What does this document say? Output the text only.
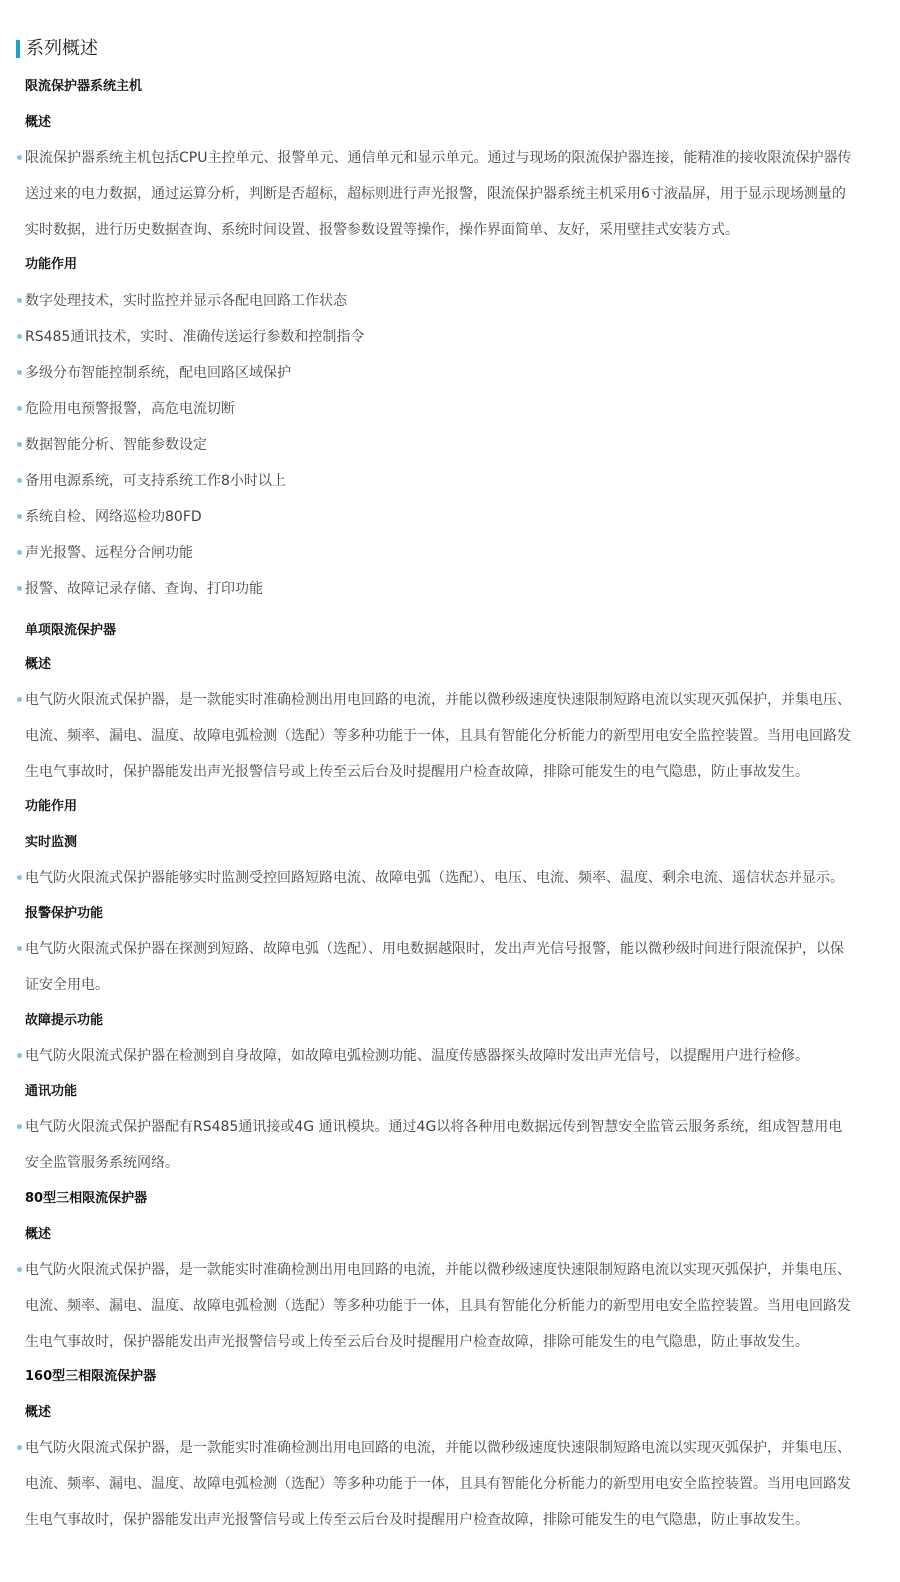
系列概述
限流保护器系统主机
概述
限流保护器系统主机包括CPU主控单元、报警单元、通信单元和显示单元。通过与现场的限流保护器连接，能精准的接收限流保护器传送过来的电力数据，通过运算分析，判断是否超标，超标则进行声光报警，限流保护器系统主机采用6寸液晶屏，用于显示现场测量的实时数据，进行历史数据查询、系统时间设置、报警参数设置等操作，操作界面简单、友好，采用壁挂式安装方式。
功能作用
数字处理技术，实时监控并显示各配电回路工作状态
RS485通讯技术，实时、准确传送运行参数和控制指令
多级分布智能控制系统，配电回路区域保护
危险用电预警报警，高危电流切断
数据智能分析、智能参数设定
备用电源系统，可支持系统工作8小时以上
系统自检、网络巡检功80FD
声光报警、远程分合闸功能
报警、故障记录存储、查询、打印功能
单项限流保护器
概述
电气防火限流式保护器，是一款能实时准确检测出用电回路的电流，并能以微秒级速度快速限制短路电流以实现灭弧保护，并集电压、电流、频率、漏电、温度、故障电弧检测（选配）等多种功能于一体，且具有智能化分析能力的新型用电安全监控装置。当用电回路发生电气事故时，保护器能发出声光报警信号或上传至云后台及时提醒用户检查故障，排除可能发生的电气隐患，防止事故发生。
功能作用
实时监测
电气防火限流式保护器能够实时监测受控回路短路电流、故障电弧（选配）、电压、电流、频率、温度、剩余电流、遥信状态并显示。
报警保护功能
电气防火限流式保护器在探测到短路、故障电弧（选配）、用电数据越限时，发出声光信号报警，能以微秒级时间进行限流保护，以保证安全用电。
故障提示功能
电气防火限流式保护器在检测到自身故障，如故障电弧检测功能、温度传感器探头故障时发出声光信号，以提醒用户进行检修。
通讯功能
电气防火限流式保护器配有RS485通讯接或4G 通讯模块。通过4G以将各种用电数据远传到智慧安全监管云服务系统，组成智慧用电安全监管服务系统网络。
80型三相限流保护器
概述
电气防火限流式保护器，是一款能实时准确检测出用电回路的电流，并能以微秒级速度快速限制短路电流以实现灭弧保护，并集电压、电流、频率、漏电、温度、故障电弧检测（选配）等多种功能于一体，且具有智能化分析能力的新型用电安全监控装置。当用电回路发生电气事故时，保护器能发出声光报警信号或上传至云后台及时提醒用户检查故障，排除可能发生的电气隐患，防止事故发生。
160型三相限流保护器
概述
电气防火限流式保护器，是一款能实时准确检测出用电回路的电流，并能以微秒级速度快速限制短路电流以实现灭弧保护，并集电压、电流、频率、漏电、温度、故障电弧检测（选配）等多种功能于一体，且具有智能化分析能力的新型用电安全监控装置。当用电回路发生电气事故时，保护器能发出声光报警信号或上传至云后台及时提醒用户检查故障，排除可能发生的电气隐患，防止事故发生。
